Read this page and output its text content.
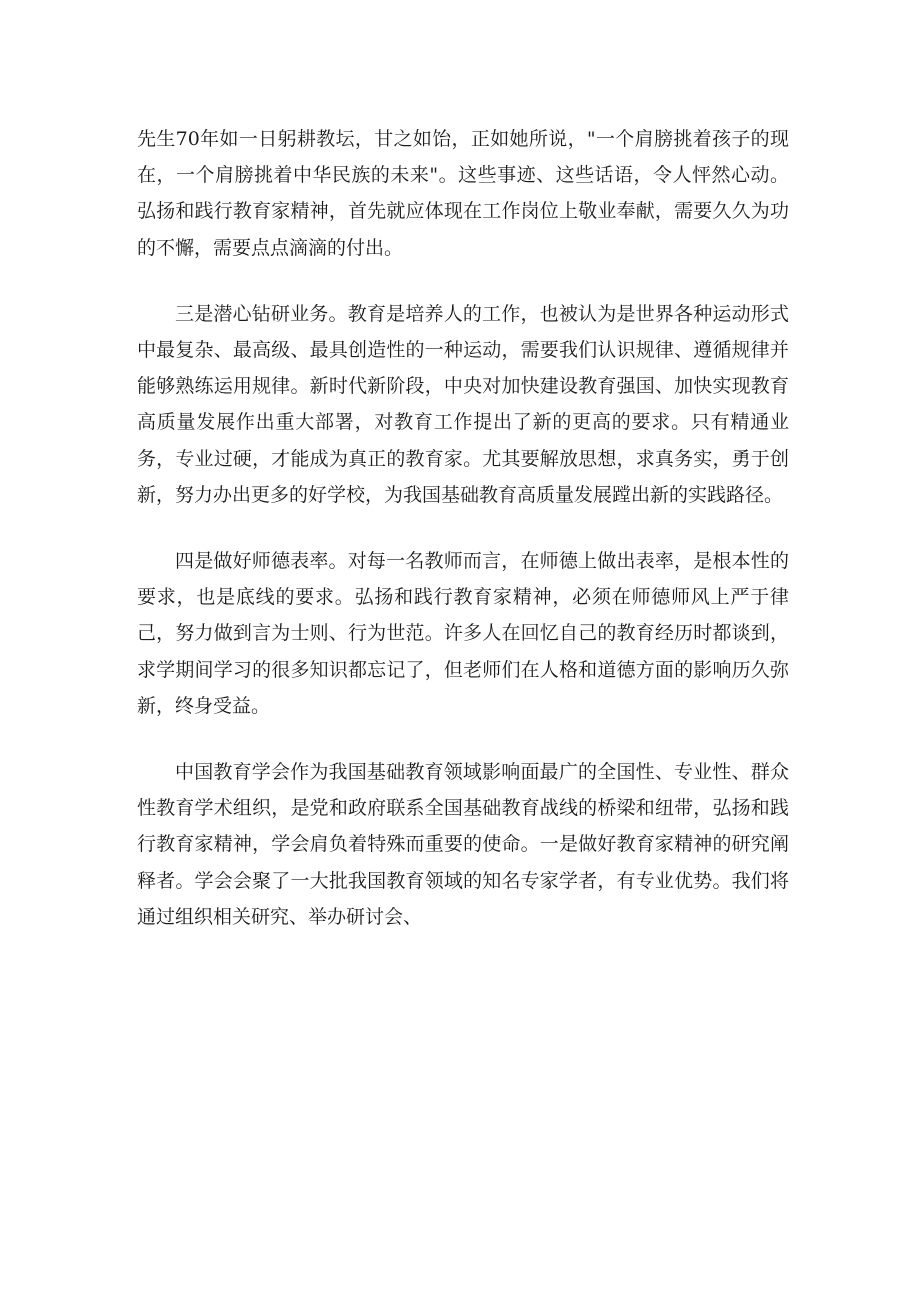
先生70年如一日躬耕教坛，甘之如饴，正如她所说，"一个肩膀挑着孩子的现在，一个肩膀挑着中华民族的未来"。这些事迹、这些话语，令人怦然心动。弘扬和践行教育家精神，首先就应体现在工作岗位上敬业奉献，需要久久为功的不懈，需要点点滴滴的付出。

三是潜心钻研业务。教育是培养人的工作，也被认为是世界各种运动形式中最复杂、最高级、最具创造性的一种运动，需要我们认识规律、遵循规律并能够熟练运用规律。新时代新阶段，中央对加快建设教育强国、加快实现教育高质量发展作出重大部署，对教育工作提出了新的更高的要求。只有精通业务，专业过硬，才能成为真正的教育家。尤其要解放思想，求真务实，勇于创新，努力办出更多的好学校，为我国基础教育高质量发展蹚出新的实践路径。

四是做好师德表率。对每一名教师而言，在师德上做出表率，是根本性的要求，也是底线的要求。弘扬和践行教育家精神，必须在师德师风上严于律己，努力做到言为士则、行为世范。许多人在回忆自己的教育经历时都谈到，求学期间学习的很多知识都忘记了，但老师们在人格和道德方面的影响历久弥新，终身受益。

中国教育学会作为我国基础教育领域影响面最广的全国性、专业性、群众性教育学术组织，是党和政府联系全国基础教育战线的桥梁和纽带，弘扬和践行教育家精神，学会肩负着特殊而重要的使命。一是做好教育家精神的研究阐释者。学会会聚了一大批我国教育领域的知名专家学者，有专业优势。我们将通过组织相关研究、举办研讨会、
